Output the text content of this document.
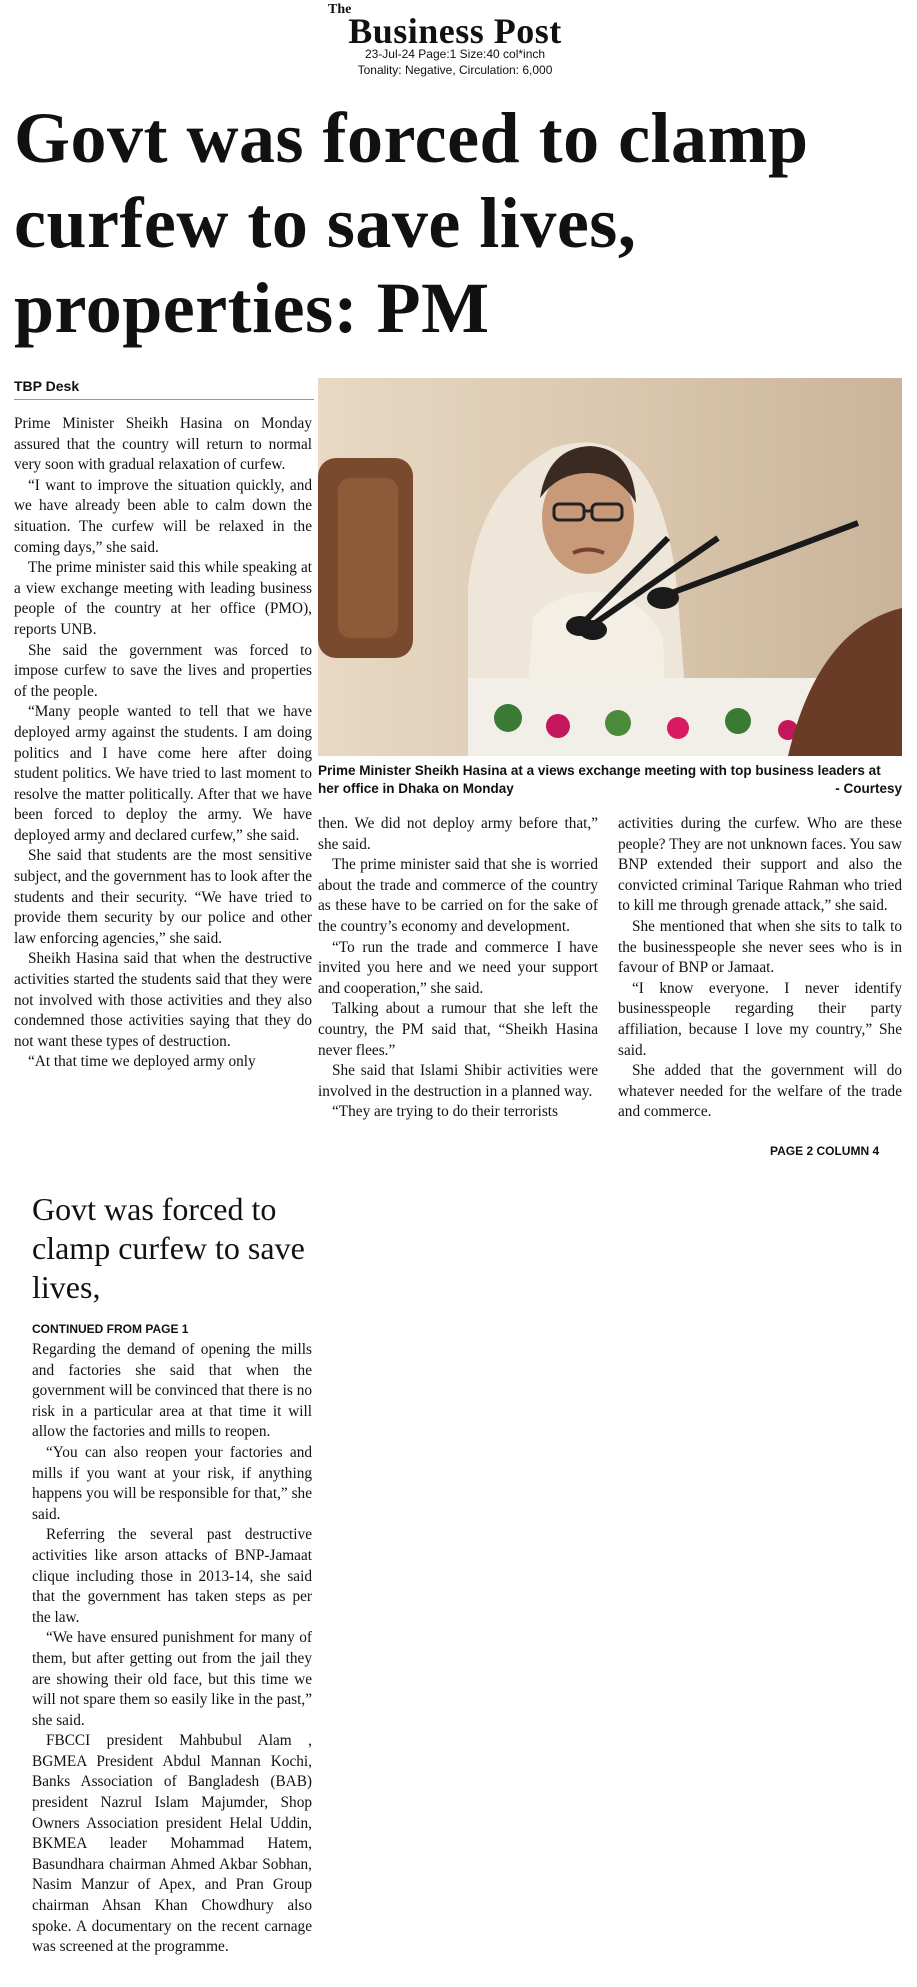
The
Business Post
23-Jul-24 Page:1 Size:40 col*inch
Tonality: Negative, Circulation: 6,000
Govt was forced to clamp curfew to save lives, properties: PM
TBP Desk

Prime Minister Sheikh Hasina on Monday assured that the country will return to normal very soon with gradual relaxation of curfew.

“I want to improve the situation quickly, and we have already been able to calm down the situation. The curfew will be relaxed in the coming days,” she said.

The prime minister said this while speaking at a view exchange meeting with leading business people of the country at her office (PMO), reports UNB.

She said the government was forced to impose curfew to save the lives and properties of the people.

“Many people wanted to tell that we have deployed army against the students. I am doing politics and I have come here after doing student politics. We have tried to last moment to resolve the matter politically. After that we have been forced to deploy the army. We have deployed army and declared curfew,” she said.

She said that students are the most sensitive subject, and the government has to look after the students and their security. “We have tried to provide them security by our police and other law enforcing agencies,” she said.

Sheikh Hasina said that when the destructive activities started the students said that they were not involved with those activities and they also condemned those activities saying that they do not want these types of destruction.

“At that time we deployed army only

Prime Minister Sheikh Hasina at a views exchange meeting with top business leaders at her office in Dhaka on Monday	- Courtesy

then. We did not deploy army before that,” she said.

The prime minister said that she is worried about the trade and commerce of the country as these have to be carried on for the sake of the country’s economy and development.

“To run the trade and commerce I have invited you here and we need your support and cooperation,” she said.

Talking about a rumour that she left the country, the PM said that, “Sheikh Hasina never flees.”

She said that Islami Shibir activities were involved in the destruction in a planned way.

“They are trying to do their terrorists

activities during the curfew. Who are these people? They are not unknown faces. You saw BNP extended their support and also the convicted criminal Tarique Rahman who tried to kill me through grenade attack,” she said.

She mentioned that when she sits to talk to the businesspeople she never sees who is in favour of BNP or Jamaat.

“I know everyone. I never identify businesspeople regarding their party affiliation, because I love my country,” She said.

She added that the government will do whatever needed for the welfare of the trade and commerce.

PAGE 2 COLUMN 4
Govt was forced to clamp curfew to save lives,
CONTINUED FROM PAGE 1

Regarding the demand of opening the mills and factories she said that when the government will be convinced that there is no risk in a particular area at that time it will allow the factories and mills to reopen.

“You can also reopen your factories and mills if you want at your risk, if anything happens you will be responsible for that,” she said.

Referring the several past destructive activities like arson attacks of BNP-Jamaat clique including those in 2013-14, she said that the government has taken steps as per the law.

“We have ensured punishment for many of them, but after getting out from the jail they are showing their old face, but this time we will not spare them so easily like in the past,” she said.

FBCCI president Mahbubul Alam , BGMEA President Abdul Mannan Kochi, Banks Association of Bangladesh (BAB) president Nazrul Islam Majumder, Shop Owners Association president Helal Uddin, BKMEA leader Mohammad Hatem, Basundhara chairman Ahmed Akbar Sobhan, Nasim Manzur of Apex, and Pran Group chairman Ahsan Khan Chowdhury also spoke. A documentary on the recent carnage was screened at the programme.
